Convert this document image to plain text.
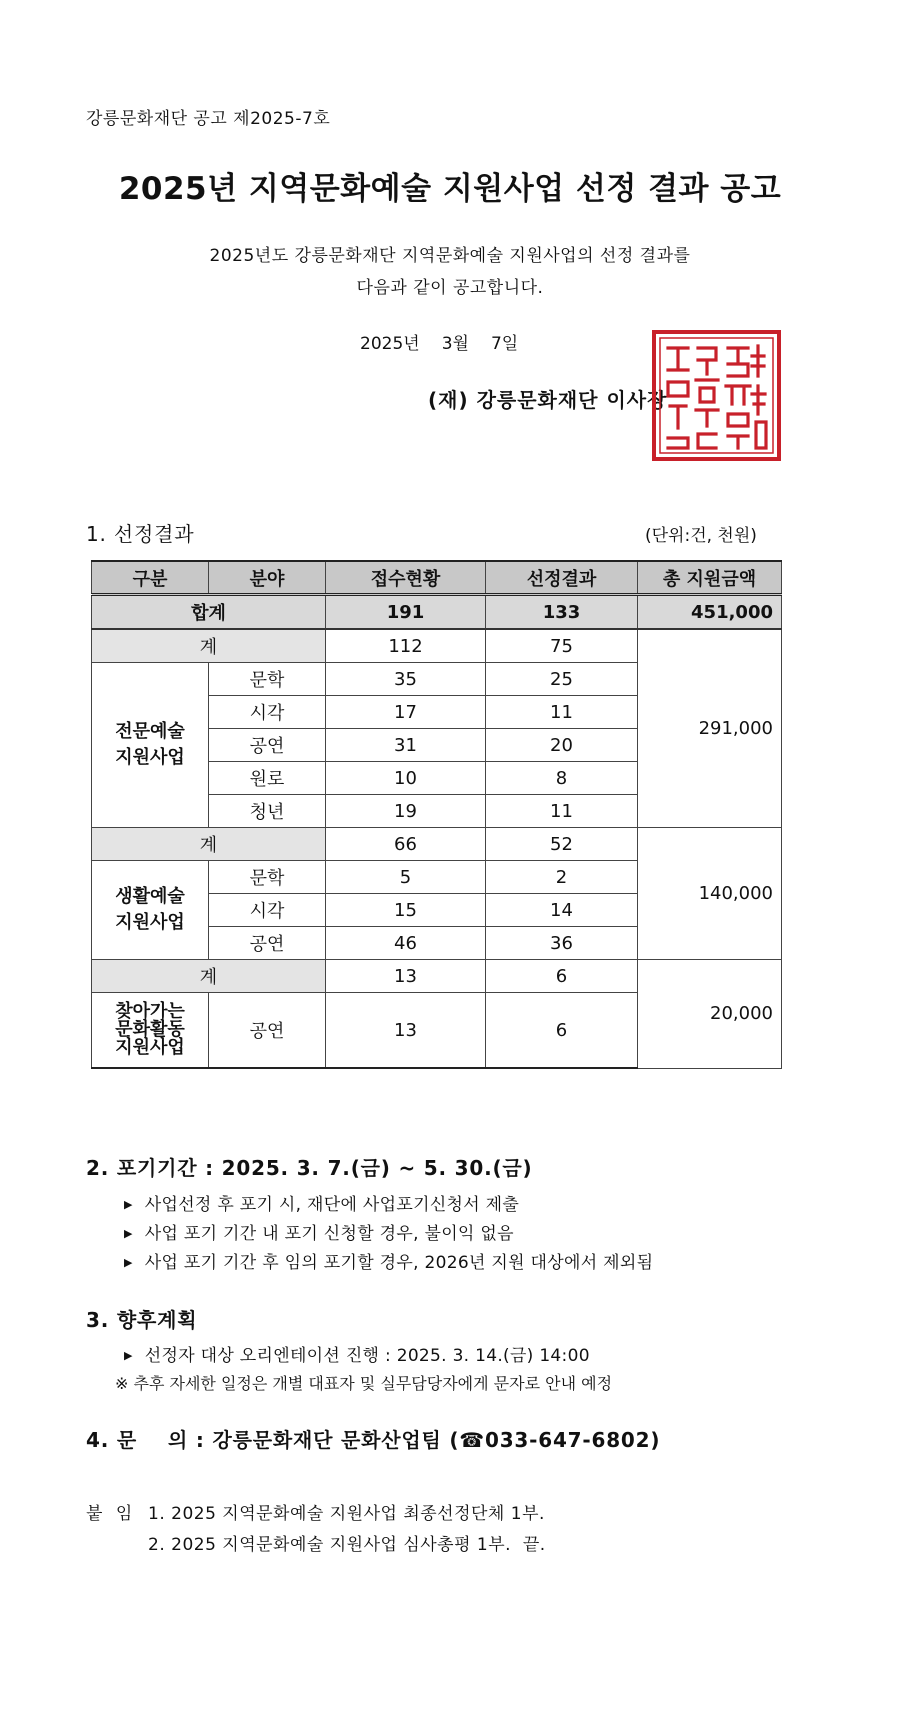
강릉문화재단 공고 제2025-7호
2025년 지역문화예술 지원사업 선정 결과 공고
2025년도 강릉문화재단 지역문화예술 지원사업의 선정 결과를
다음과 같이 공고합니다.
2025년 3월 7일
(재) 강릉문화재단 이사장
1. 선정결과	(단위:건, 천원)
구분	분야	접수현황	선정결과	총 지원금액
합계		191	133	451,000
계		112	75	291,000
전문예술
지원사업	문학	35	25	
	시각	17	11	
	공연	31	20	
	원로	10	8	
	청년	19	11	
계		66	52	140,000
생활예술
지원사업	문학	5	2	
	시각	15	14	
	공연	46	36	
계		13	6	20,000
찾아가는
문화활동
지원사업	공연	13	6	
2. 포기기간 : 2025. 3. 7.(금) ~ 5. 30.(금)
▶ 사업선정 후 포기 시, 재단에 사업포기신청서 제출
▶ 사업 포기 기간 내 포기 신청할 경우, 불이익 없음
▶ 사업 포기 기간 후 임의 포기할 경우, 2026년 지원 대상에서 제외됨
3. 향후계획
▶ 선정자 대상 오리엔테이션 진행 : 2025. 3. 14.(금) 14:00
※ 추후 자세한 일정은 개별 대표자 및 실무담당자에게 문자로 안내 예정
4. 문    의 : 강릉문화재단 문화산업팀 (☎033-647-6802)
붙 임 1. 2025 지역문화예술 지원사업 최종선정단체 1부.
2. 2025 지역문화예술 지원사업 심사총평 1부.  끝.
